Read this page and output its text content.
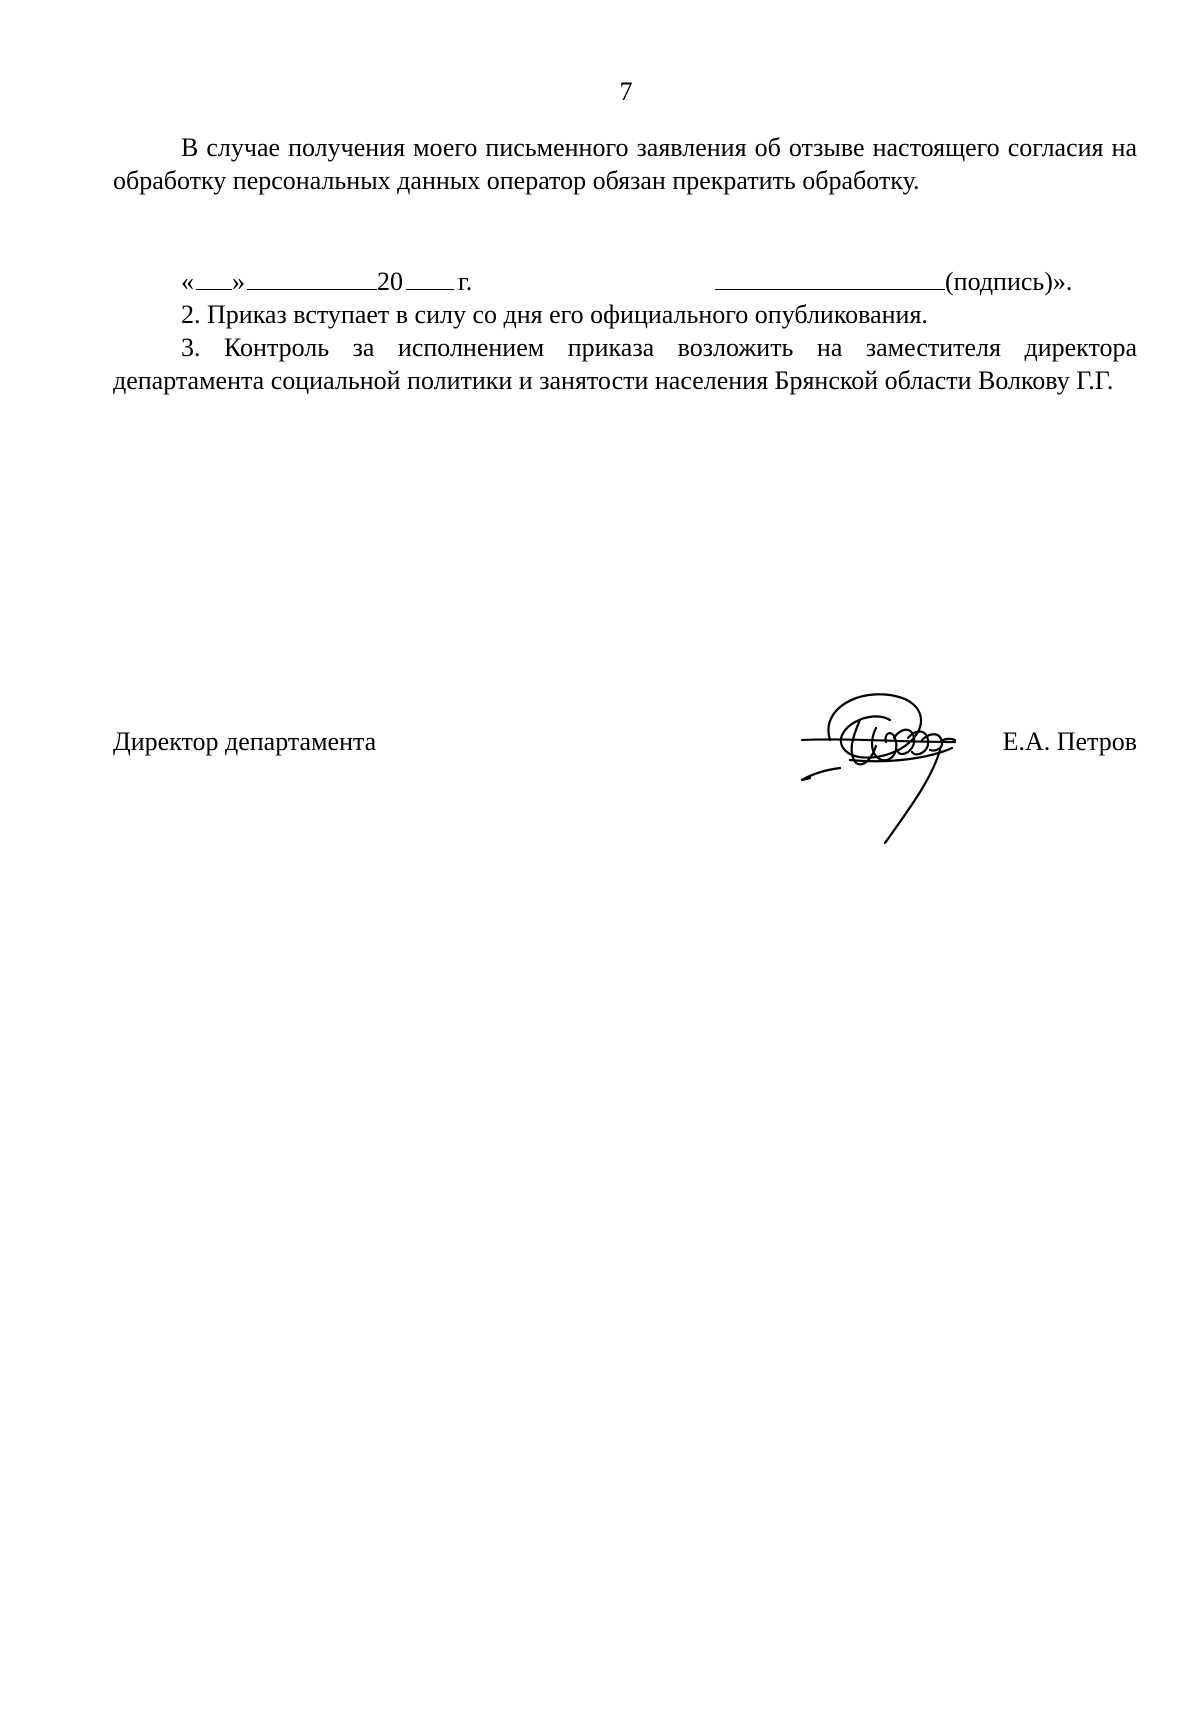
7

В случае получения моего письменного заявления об отзыве настоящего согласия на обработку персональных данных оператор обязан прекратить обработку.

« »	20 г.	(подпись)».

2. Приказ вступает в силу со дня его официального опубликования.

3. Контроль за исполнением приказа возложить на заместителя директора департамента социальной политики и занятости населения Брянской области Волкову Г.Г.

Директор департамента	Е.А. Петров
